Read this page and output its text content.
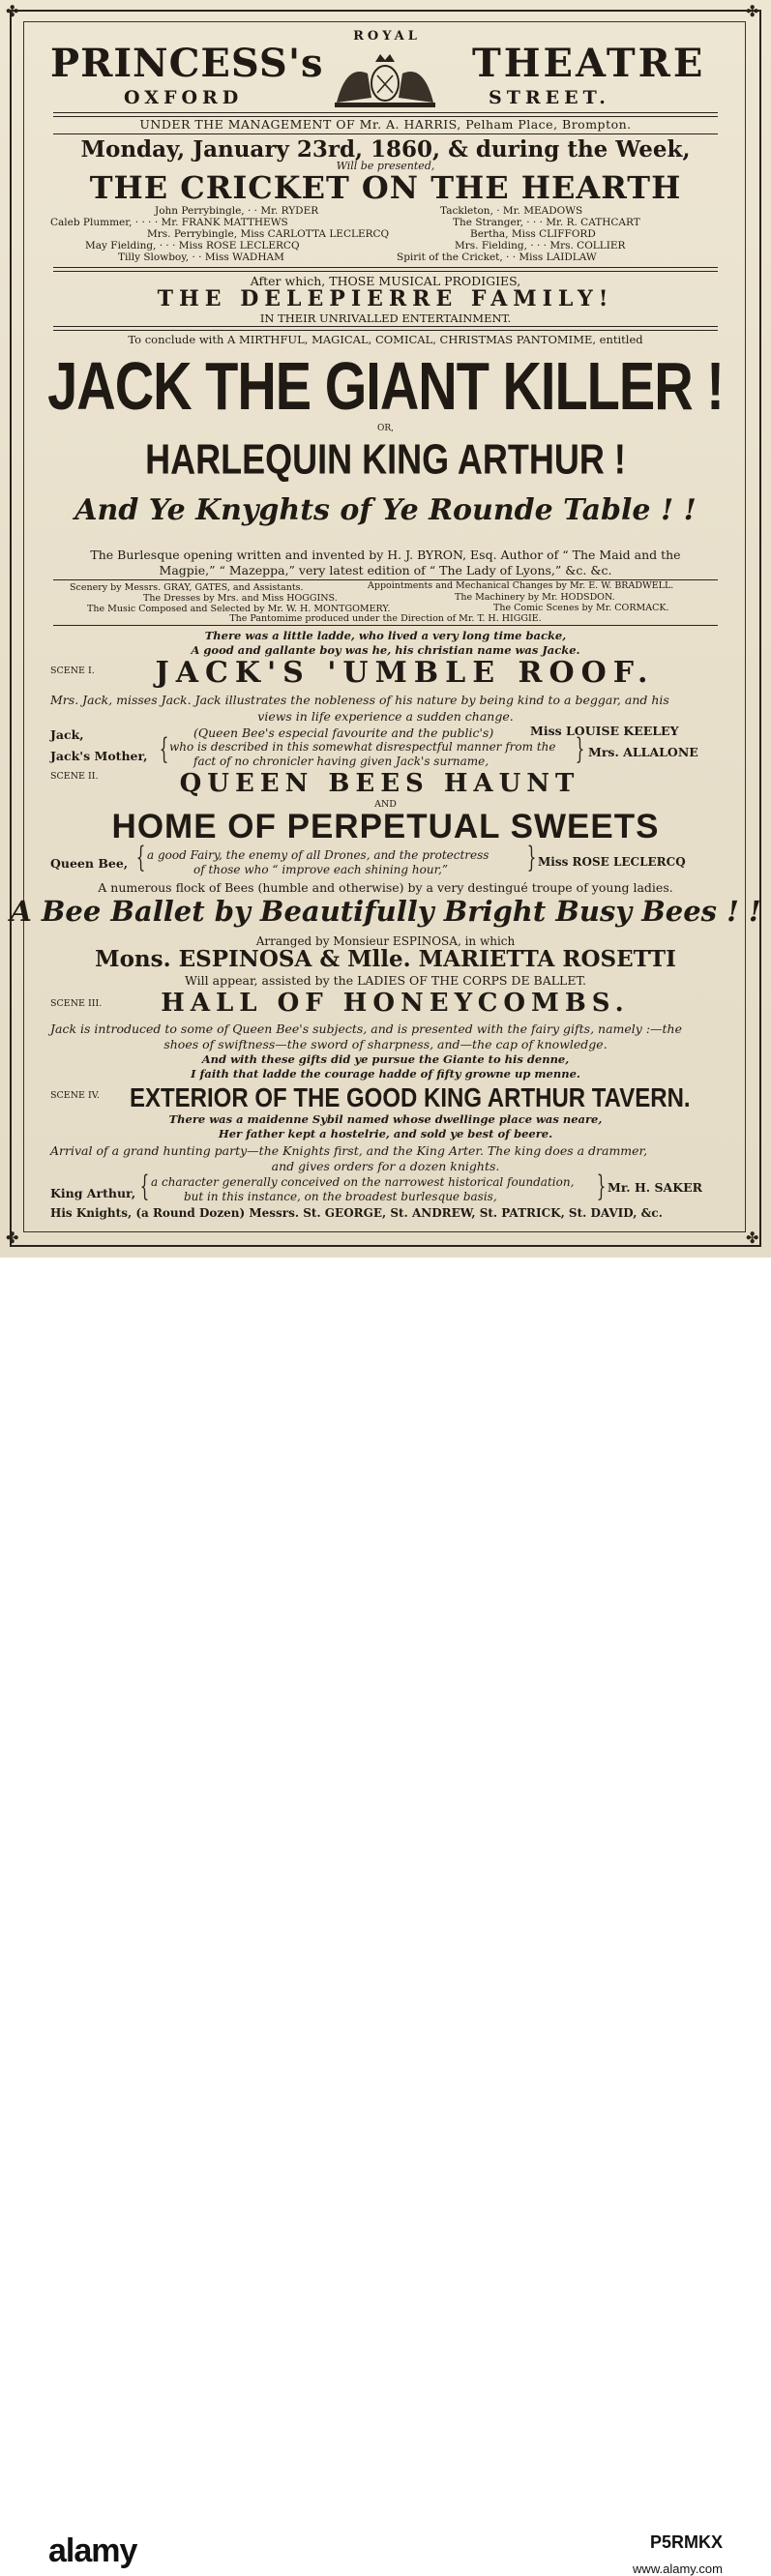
✤	✤
✤	✤
ROYAL
PRINCESS's	THEATRE
OXFORD	STREET.
UNDER THE MANAGEMENT OF Mr. A. HARRIS, Pelham Place, Brompton.
Monday, January 23rd, 1860, & during the Week,
Will be presented,
THE CRICKET ON THE HEARTH
John Perrybingle, · · Mr. RYDER	Tackleton, · Mr. MEADOWS
Caleb Plummer, · · · · Mr. FRANK MATTHEWS	The Stranger, · · · Mr. R. CATHCART
Mrs. Perrybingle, Miss CARLOTTA LECLERCQ	Bertha, Miss CLIFFORD
May Fielding, · · · Miss ROSE LECLERCQ	Mrs. Fielding, · · · Mrs. COLLIER
Tilly Slowboy, · · Miss WADHAM	Spirit of the Cricket, · · Miss LAIDLAW
After which, THOSE MUSICAL PRODIGIES,
THE DELEPIERRE FAMILY!
IN THEIR UNRIVALLED ENTERTAINMENT.
To conclude with A MIRTHFUL, MAGICAL, COMICAL, CHRISTMAS PANTOMIME, entitled
JACK THE GIANT KILLER !
OR,
HARLEQUIN KING ARTHUR !
And Ye Knyghts of Ye Rounde Table ! !
The Burlesque opening written and invented by H. J. BYRON, Esq. Author of “ The Maid and the
Magpie,” “ Mazeppa,” very latest edition of “ The Lady of Lyons,” &c. &c.
Scenery by Messrs. GRAY, GATES, and Assistants.	Appointments and Mechanical Changes by Mr. E. W. BRADWELL.
The Dresses by Mrs. and Miss HOGGINS.	The Machinery by Mr. HODSDON.
The Music Composed and Selected by Mr. W. H. MONTGOMERY.	The Comic Scenes by Mr. CORMACK.
The Pantomime produced under the Direction of Mr. T. H. HIGGIE.
There was a little ladde, who lived a very long time backe,
A good and gallante boy was he, his christian name was Jacke.
SCENE I.	JACK'S 'UMBLE ROOF.
Mrs. Jack, misses Jack. Jack illustrates the nobleness of his nature by being kind to a beggar, and his
views in life experience a sudden change.
Jack,	(Queen Bee's especial favourite and the public's)	Miss LOUISE KEELEY
Jack's Mother, { who is described in this somewhat disrespectful manner from the
fact of no chronicler having given Jack's surname,	} Mrs. ALLALONE
SCENE II.	QUEEN BEES HAUNT
AND
HOME OF PERPETUAL SWEETS
Queen Bee, { a good Fairy, the enemy of all Drones, and the protectress
of those who “ improve each shining hour,”	} Miss ROSE LECLERCQ
A numerous flock of Bees (humble and otherwise) by a very destingué troupe of young ladies.
A Bee Ballet by Beautifully Bright Busy Bees ! !
Arranged by Monsieur ESPINOSA, in which
Mons. ESPINOSA & Mlle. MARIETTA ROSETTI
Will appear, assisted by the LADIES OF THE CORPS DE BALLET.
SCENE III.	HALL OF HONEYCOMBS.
Jack is introduced to some of Queen Bee's subjects, and is presented with the fairy gifts, namely :—the
shoes of swiftness—the sword of sharpness, and—the cap of knowledge.
And with these gifts did ye pursue the Giante to his denne,
I faith that ladde the courage hadde of fifty growne up menne.
SCENE IV. EXTERIOR OF THE GOOD KING ARTHUR TAVERN.
There was a maidenne Sybil named whose dwellinge place was neare,
Her father kept a hostelrie, and sold ye best of beere.
Arrival of a grand hunting party—the Knights first, and the King Arter. The king does a drammer,
and gives orders for a dozen knights.
King Arthur, { a character generally conceived on the narrowest historical foundation,
but in this instance, on the broadest burlesque basis,	} Mr. H. SAKER
His Knights, (a Round Dozen) Messrs. St. GEORGE, St. ANDREW, St. PATRICK, St. DAVID, &c.
alamy	P5RMKX
www.alamy.com
